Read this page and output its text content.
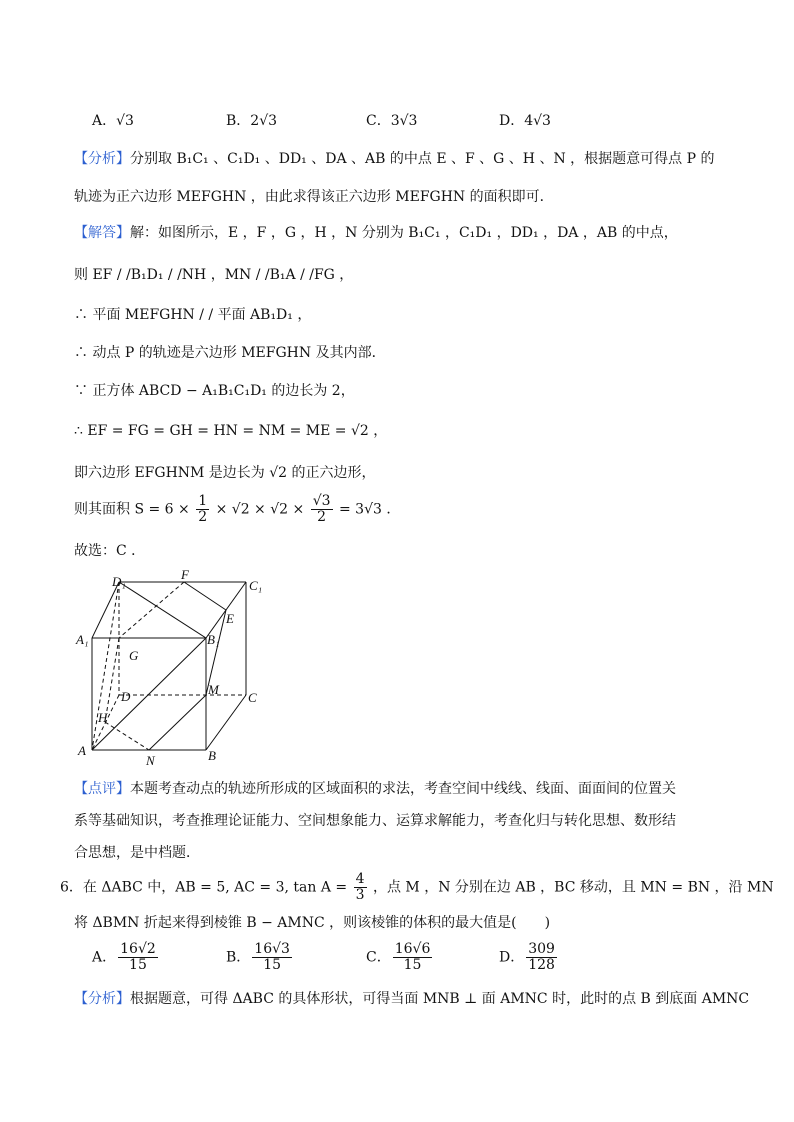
A．√3	B．2√3	C．3√3	D．4√3
【分析】分别取 B₁C₁ 、C₁D₁ 、DD₁ 、DA 、AB 的中点 E 、F 、G 、H 、N ，根据题意可得点 P 的
轨迹为正六边形 MEFGHN ，由此求得该正六边形 MEFGHN 的面积即可．
【解答】解：如图所示，E ，F ，G ，H ，N 分别为 B₁C₁ ，C₁D₁ ，DD₁ ，DA ，AB 的中点，
则 EF / /B₁D₁ / /NH ，MN / /B₁A / /FG ，
∴ 平面 MEFGHN / / 平面 AB₁D₁ ，
∴ 动点 P 的轨迹是六边形 MEFGHN 及其内部．
∵ 正方体 ABCD − A₁B₁C₁D₁ 的边长为 2，
∴ EF = FG = GH = HN = NM = ME = √2 ，
即六边形 EFGHNM 是边长为 √2 的正六边形，
则其面积 $S = 6 \times \frac{1}{2} \times √2 \times √2 \times \frac{√3}{2} = 3√3$ ．
故选：C ．
D₁	F
C₁
E
A₁	B₁
G
D	M
C
H
A
N	B
【点评】本题考查动点的轨迹所形成的区域面积的求法，考查空间中线线、线面、面面间的位置关
系等基础知识，考查推理论证能力、空间想象能力、运算求解能力，考查化归与转化思想、数形结
合思想，是中档题．
6．在 ΔABC 中，AB = 5, AC = 3, $\tan A = \frac{4}{3}$ ，点 M ，N 分别在边 AB ，BC 移动，且 MN = BN ，沿 MN
将 ΔBMN 折起来得到棱锥 B − AMNC ，则该棱锥的体积的最大值是(　　)
A． $\frac{16√2}{15}$	B． $\frac{16√3}{15}$	C． $\frac{16√6}{15}$	D． $\frac{309}{128}$
【分析】根据题意，可得 ΔABC 的具体形状，可得当面 MNB ⊥ 面 AMNC 时，此时的点 B 到底面 AMNC
